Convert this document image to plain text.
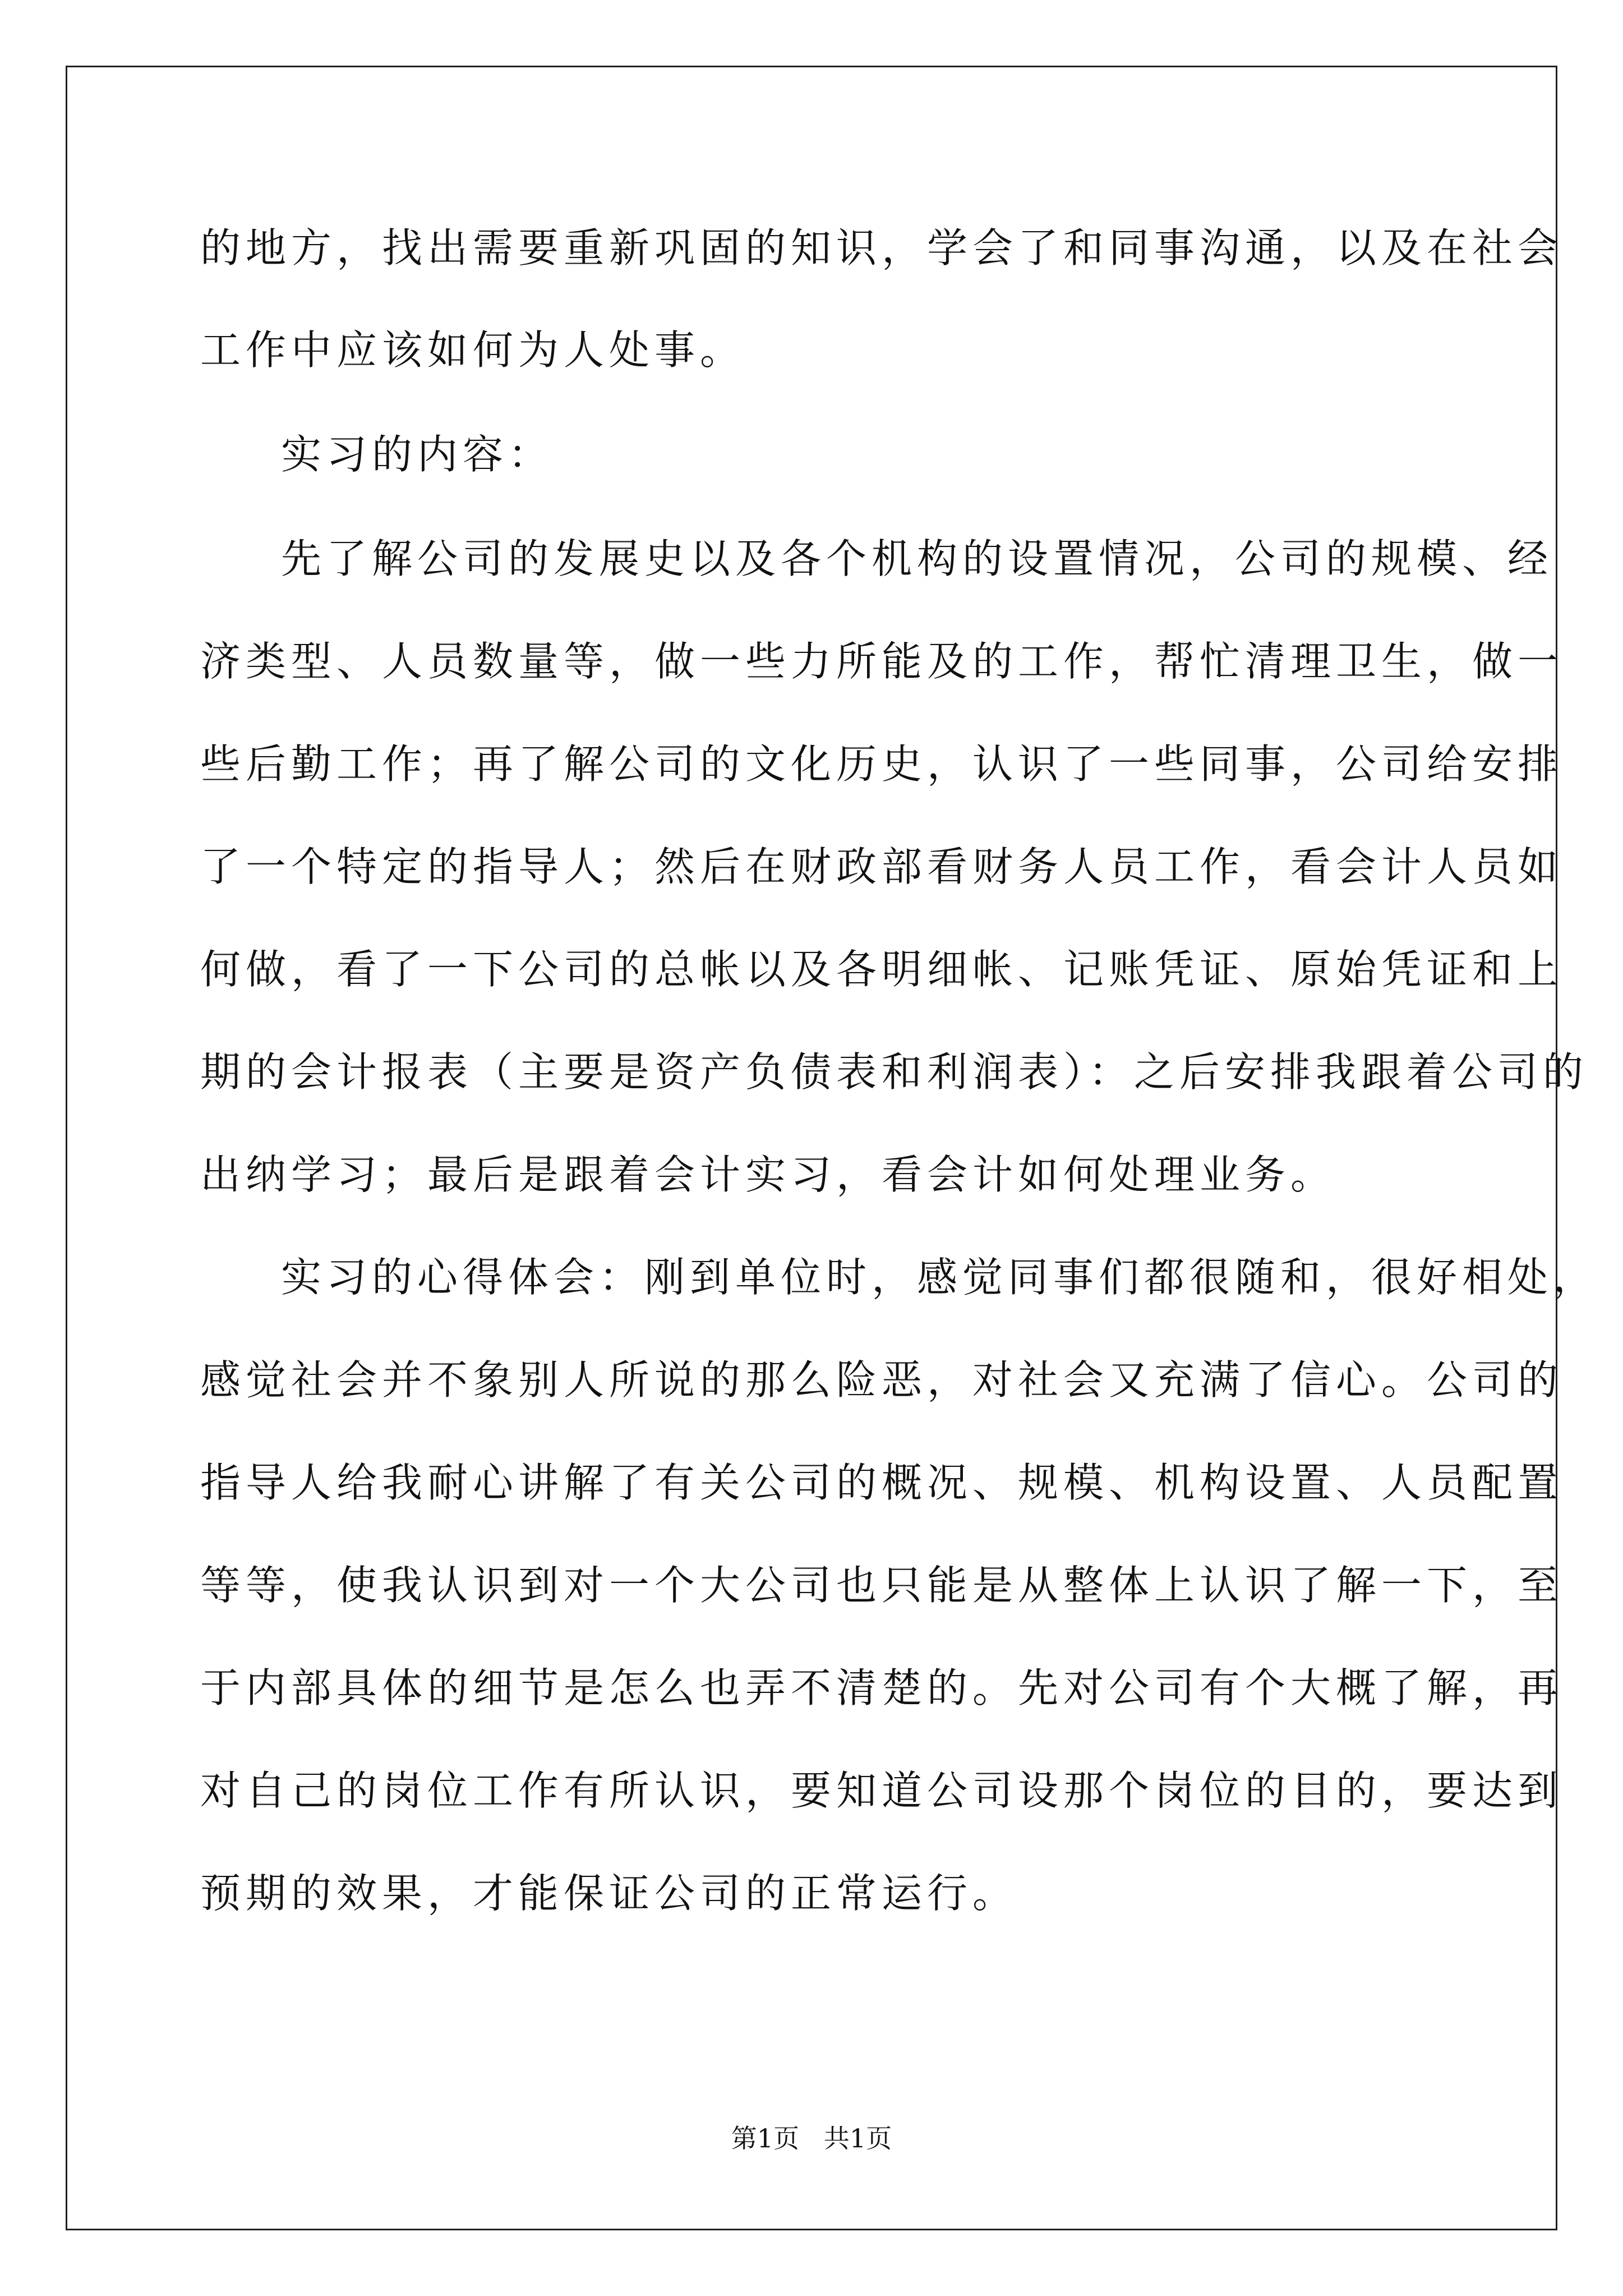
的地方，找出需要重新巩固的知识，学会了和同事沟通，以及在社会
工作中应该如何为人处事。
实习的内容：
先了解公司的发展史以及各个机构的设置情况，公司的规模、经
济类型、人员数量等，做一些力所能及的工作，帮忙清理卫生，做一
些后勤工作；再了解公司的文化历史，认识了一些同事，公司给安排
了一个特定的指导人；然后在财政部看财务人员工作，看会计人员如
何做，看了一下公司的总帐以及各明细帐、记账凭证、原始凭证和上
期的会计报表（主要是资产负债表和利润表）：之后安排我跟着公司的
出纳学习；最后是跟着会计实习，看会计如何处理业务。
实习的心得体会：刚到单位时，感觉同事们都很随和，很好相处，
感觉社会并不象别人所说的那么险恶，对社会又充满了信心。公司的
指导人给我耐心讲解了有关公司的概况、规模、机构设置、人员配置
等等，使我认识到对一个大公司也只能是从整体上认识了解一下，至
于内部具体的细节是怎么也弄不清楚的。先对公司有个大概了解，再
对自己的岗位工作有所认识，要知道公司设那个岗位的目的，要达到
预期的效果，才能保证公司的正常运行。
第1页   共1页
